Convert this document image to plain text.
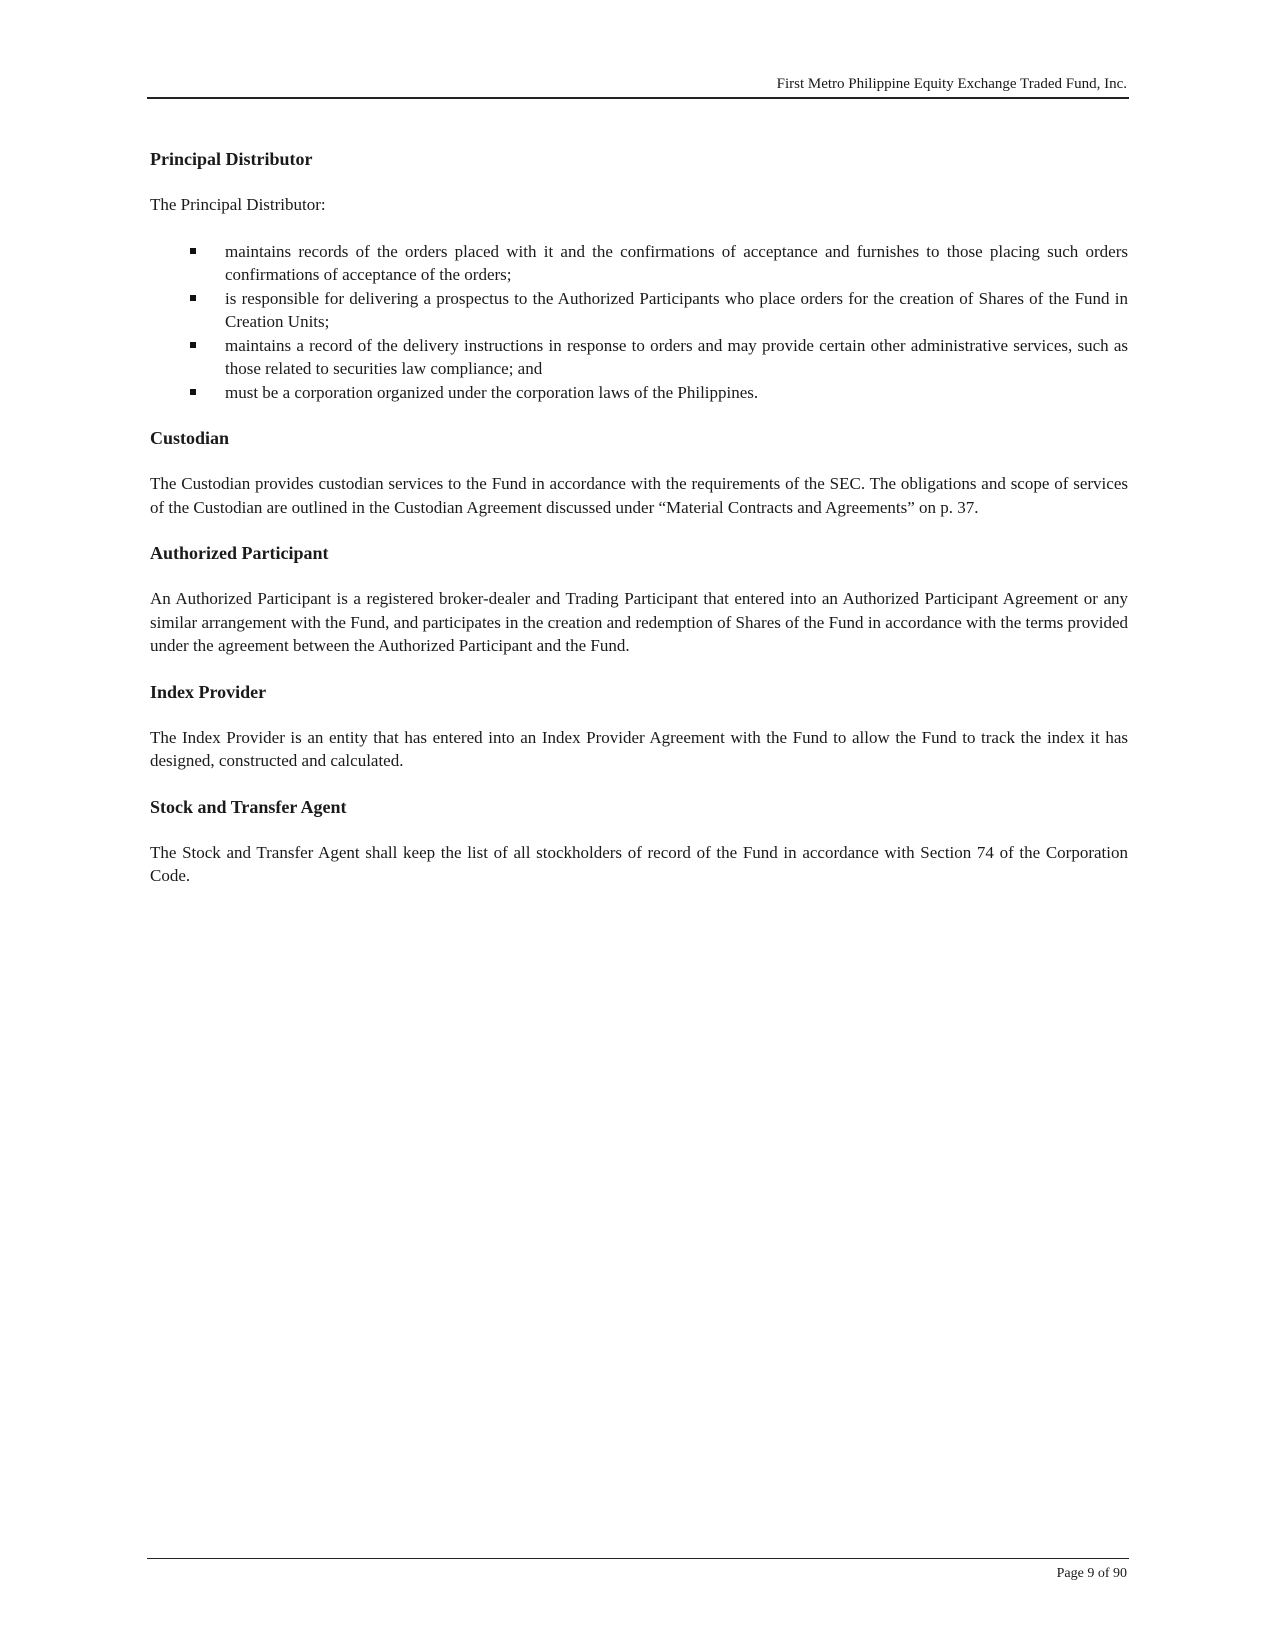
First Metro Philippine Equity Exchange Traded Fund, Inc.
Principal Distributor

The Principal Distributor:

maintains records of the orders placed with it and the confirmations of acceptance and furnishes to those placing such orders confirmations of acceptance of the orders;
is responsible for delivering a prospectus to the Authorized Participants who place orders for the creation of Shares of the Fund in Creation Units;
maintains a record of the delivery instructions in response to orders and may provide certain other administrative services, such as those related to securities law compliance; and
must be a corporation organized under the corporation laws of the Philippines.
Custodian

The Custodian provides custodian services to the Fund in accordance with the requirements of the SEC. The obligations and scope of services of the Custodian are outlined in the Custodian Agreement discussed under “Material Contracts and Agreements” on p. 37.

Authorized Participant

An Authorized Participant is a registered broker-dealer and Trading Participant that entered into an Authorized Participant Agreement or any similar arrangement with the Fund, and participates in the creation and redemption of Shares of the Fund in accordance with the terms provided under the agreement between the Authorized Participant and the Fund.

Index Provider

The Index Provider is an entity that has entered into an Index Provider Agreement with the Fund to allow the Fund to track the index it has designed, constructed and calculated.

Stock and Transfer Agent

The Stock and Transfer Agent shall keep the list of all stockholders of record of the Fund in accordance with Section 74 of the Corporation Code.

Page 9 of 90
